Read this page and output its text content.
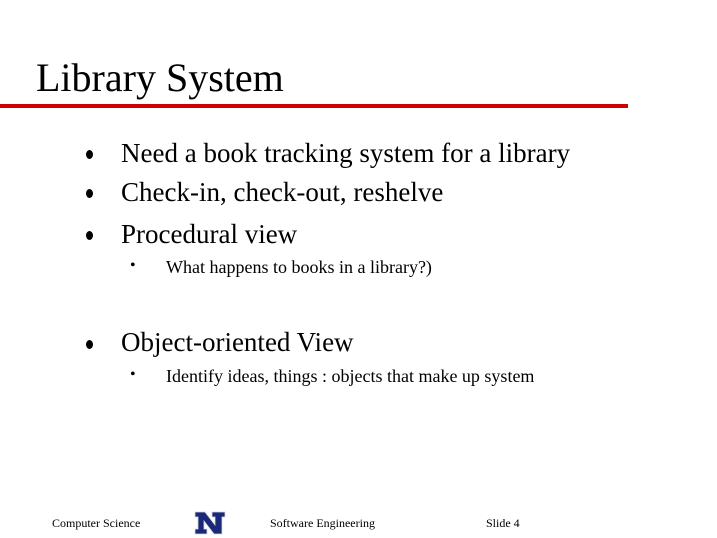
Library System
Need a book tracking system for a library
Check-in, check-out, reshelve
Procedural view
• What happens to books in a library?)
Object-oriented View
• Identify ideas, things : objects that make up system
Computer Science	Software Engineering	Slide 4
